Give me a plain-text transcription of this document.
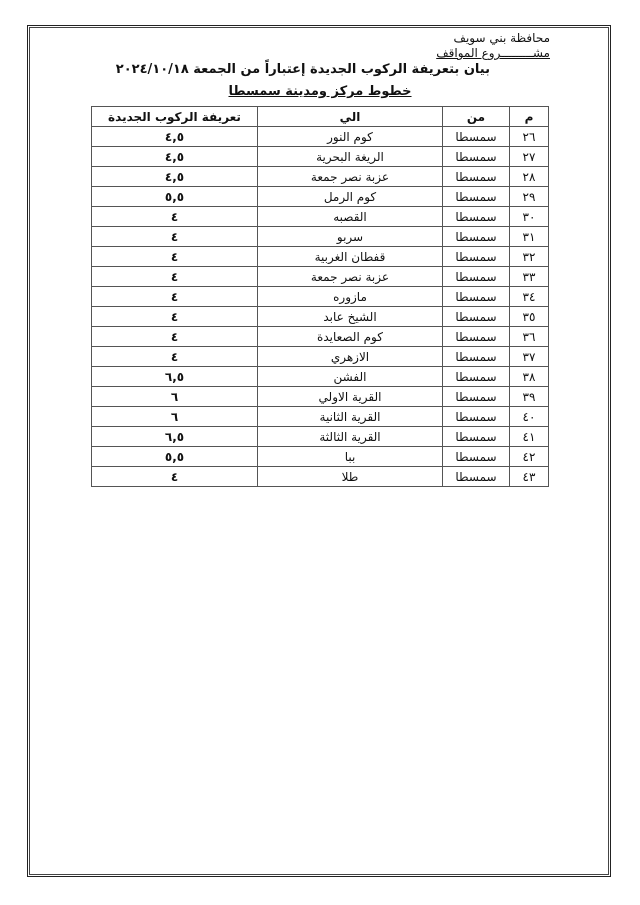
محافظة بني سويف
مشـــــــــروع المواقف
بيان بتعريفة الركوب الجديدة إعتباراً من الجمعة ٢٠٢٤/١٠/١٨
خطوط مركز ومدينة سمسطا
م	من	الي	تعريفة الركوب الجديدة
٢٦	سمسطا	كوم النور	٤,٥
٢٧	سمسطا	الريغة البحرية	٤,٥
٢٨	سمسطا	عزبة نصر جمعة	٤,٥
٢٩	سمسطا	كوم الرمل	٥,٥
٣٠	سمسطا	القصبه	٤
٣١	سمسطا	سربو	٤
٣٢	سمسطا	قفطان الغربية	٤
٣٣	سمسطا	عزبة نصر جمعة	٤
٣٤	سمسطا	مازوره	٤
٣٥	سمسطا	الشيخ عابد	٤
٣٦	سمسطا	كوم الصعايدة	٤
٣٧	سمسطا	الازهري	٤
٣٨	سمسطا	الفشن	٦,٥
٣٩	سمسطا	القرية الاولي	٦
٤٠	سمسطا	القرية الثانية	٦
٤١	سمسطا	القرية الثالثة	٦,٥
٤٢	سمسطا	ببا	٥,٥
٤٣	سمسطا	طلا	٤
